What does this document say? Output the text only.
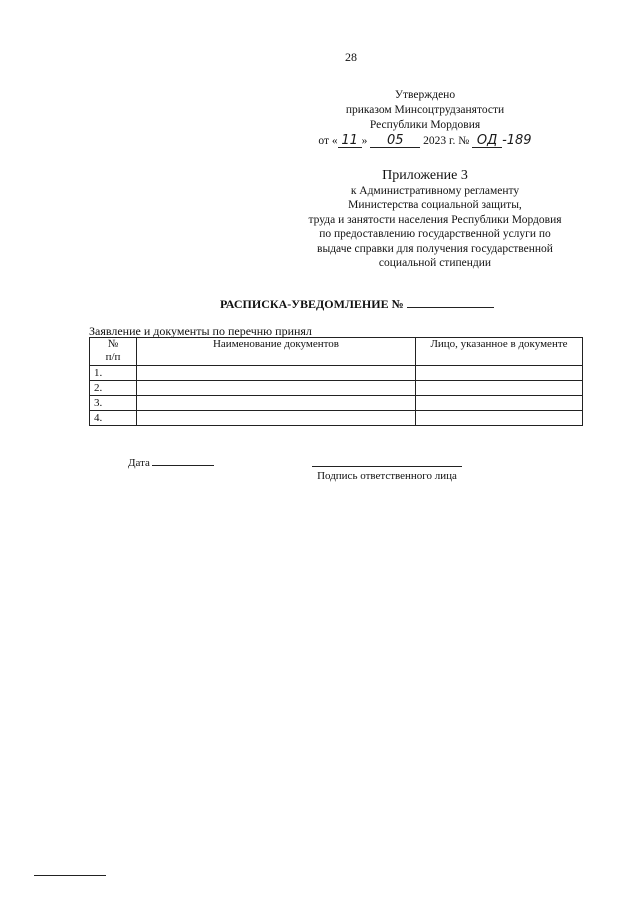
28
Утверждено
приказом Минсоцтрудзанятости
Республики Мордовия
от « 11 » 05 2023 г. № ОД -189
Приложение 3
к Административному регламенту
Министерства социальной защиты,
труда и занятости населения Республики Мордовия
по предоставлению государственной услуги по
выдаче справки для получения государственной
социальной стипендии
РАСПИСКА-УВЕДОМЛЕНИЕ №
Заявление и документы по перечню принял
№
п/п	Наименование документов	Лицо, указанное в документе
1.		
2.		
3.		
4.		
Дата
Подпись ответственного лица
